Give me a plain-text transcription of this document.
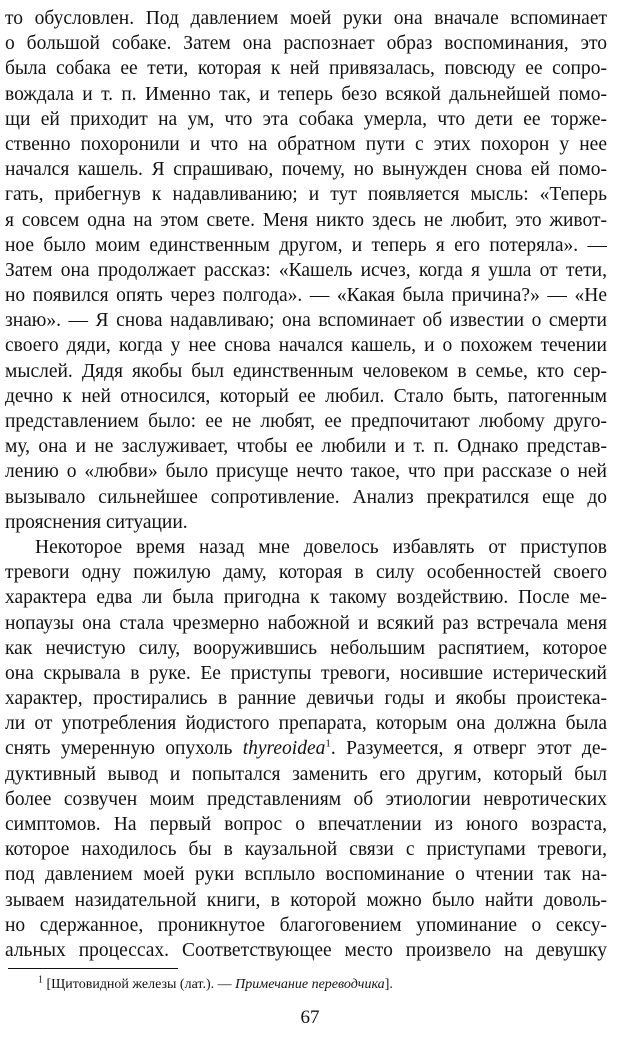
то обусловлен. Под давлением моей руки она вначале вспоминает
о большой собаке. Затем она распознает образ воспоминания, это
была собака ее тети, которая к ней привязалась, повсюду ее сопро-
вождала и т. п. Именно так, и теперь безо всякой дальнейшей помо-
щи ей приходит на ум, что эта собака умерла, что дети ее торже-
ственно похоронили и что на обратном пути с этих похорон у нее
начался кашель. Я спрашиваю, почему, но вынужден снова ей помо-
гать, прибегнув к надавливанию; и тут появляется мысль: «Теперь
я совсем одна на этом свете. Меня никто здесь не любит, это живот-
ное было моим единственным другом, и теперь я его потеряла». —
Затем она продолжает рассказ: «Кашель исчез, когда я ушла от тети,
но появился опять через полгода». — «Какая была причина?» — «Не
знаю». — Я снова надавливаю; она вспоминает об известии о смерти
своего дяди, когда у нее снова начался кашель, и о похожем течении
мыслей. Дядя якобы был единственным человеком в семье, кто сер-
дечно к ней относился, который ее любил. Стало быть, патогенным
представлением было: ее не любят, ее предпочитают любому друго-
му, она и не заслуживает, чтобы ее любили и т. п. Однако представ-
лению о «любви» было присуще нечто такое, что при рассказе о ней
вызывало сильнейшее сопротивление. Анализ прекратился еще до
прояснения ситуации.
Некоторое время назад мне довелось избавлять от приступов
тревоги одну пожилую даму, которая в силу особенностей своего
характера едва ли была пригодна к такому воздействию. После ме-
нопаузы она стала чрезмерно набожной и всякий раз встречала меня
как нечистую силу, вооружившись небольшим распятием, которое
она скрывала в руке. Ее приступы тревоги, носившие истерический
характер, простирались в ранние девичьи годы и якобы проистека-
ли от употребления йодистого препарата, которым она должна была
снять умеренную опухоль thyreoidea$^1$. Разумеется, я отверг этот де-
дуктивный вывод и попытался заменить его другим, который был
более созвучен моим представлениям об этиологии невротических
симптомов. На первый вопрос о впечатлении из юного возраста,
которое находилось бы в каузальной связи с приступами тревоги,
под давлением моей руки всплыло воспоминание о чтении так на-
зываем назидательной книги, в которой можно было найти доволь-
но сдержанное, проникнутое благоговением упоминание о сексу-
альных процессах. Соответствующее место произвело на девушку
$^1$ [Щитовидной железы (лат.). — Примечание переводчика].
67
